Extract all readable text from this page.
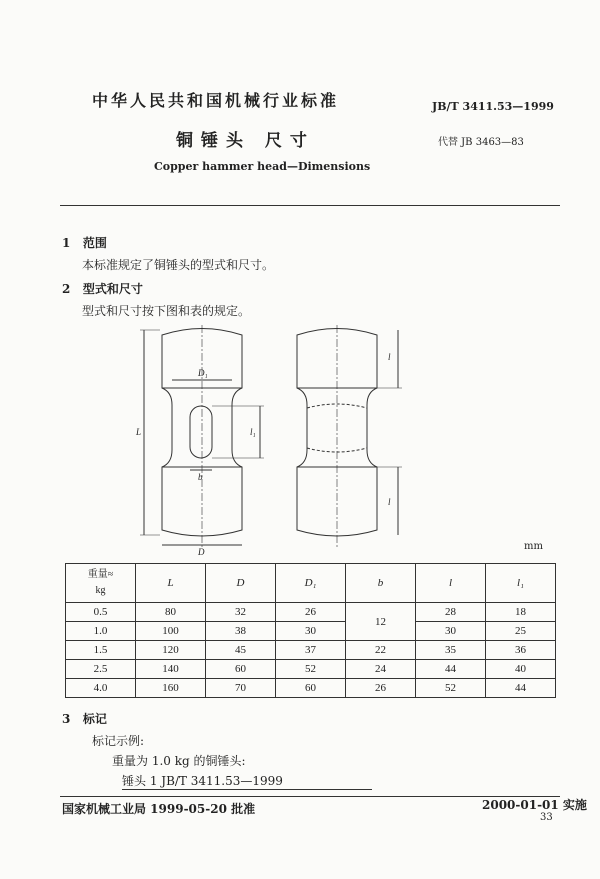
中华人民共和国机械行业标准	JB/T 3411.53—1999
铜锤头 尺寸	代替 JB 3463—83
Copper hammer head—Dimensions
1 范围
本标准规定了铜锤头的型式和尺寸。
2 型式和尺寸
型式和尺寸按下图和表的规定。
D₁
L	l₁
b
D
l
l
mm
重量≈
kg	L	D	D₁	b	l	l₁
0.5	80	32	26	12	28	18
1.0	100	38	30		30	25
1.5	120	45	37	22	35	36
2.5	140	60	52	24	44	40
4.0	160	70	60	26	52	44
3 标记
标记示例:
重量为 1.0 kg 的铜锤头:
锤头 1 JB/T 3411.53—1999
国家机械工业局 1999-05-20 批准	2000-01-01 实施
33
